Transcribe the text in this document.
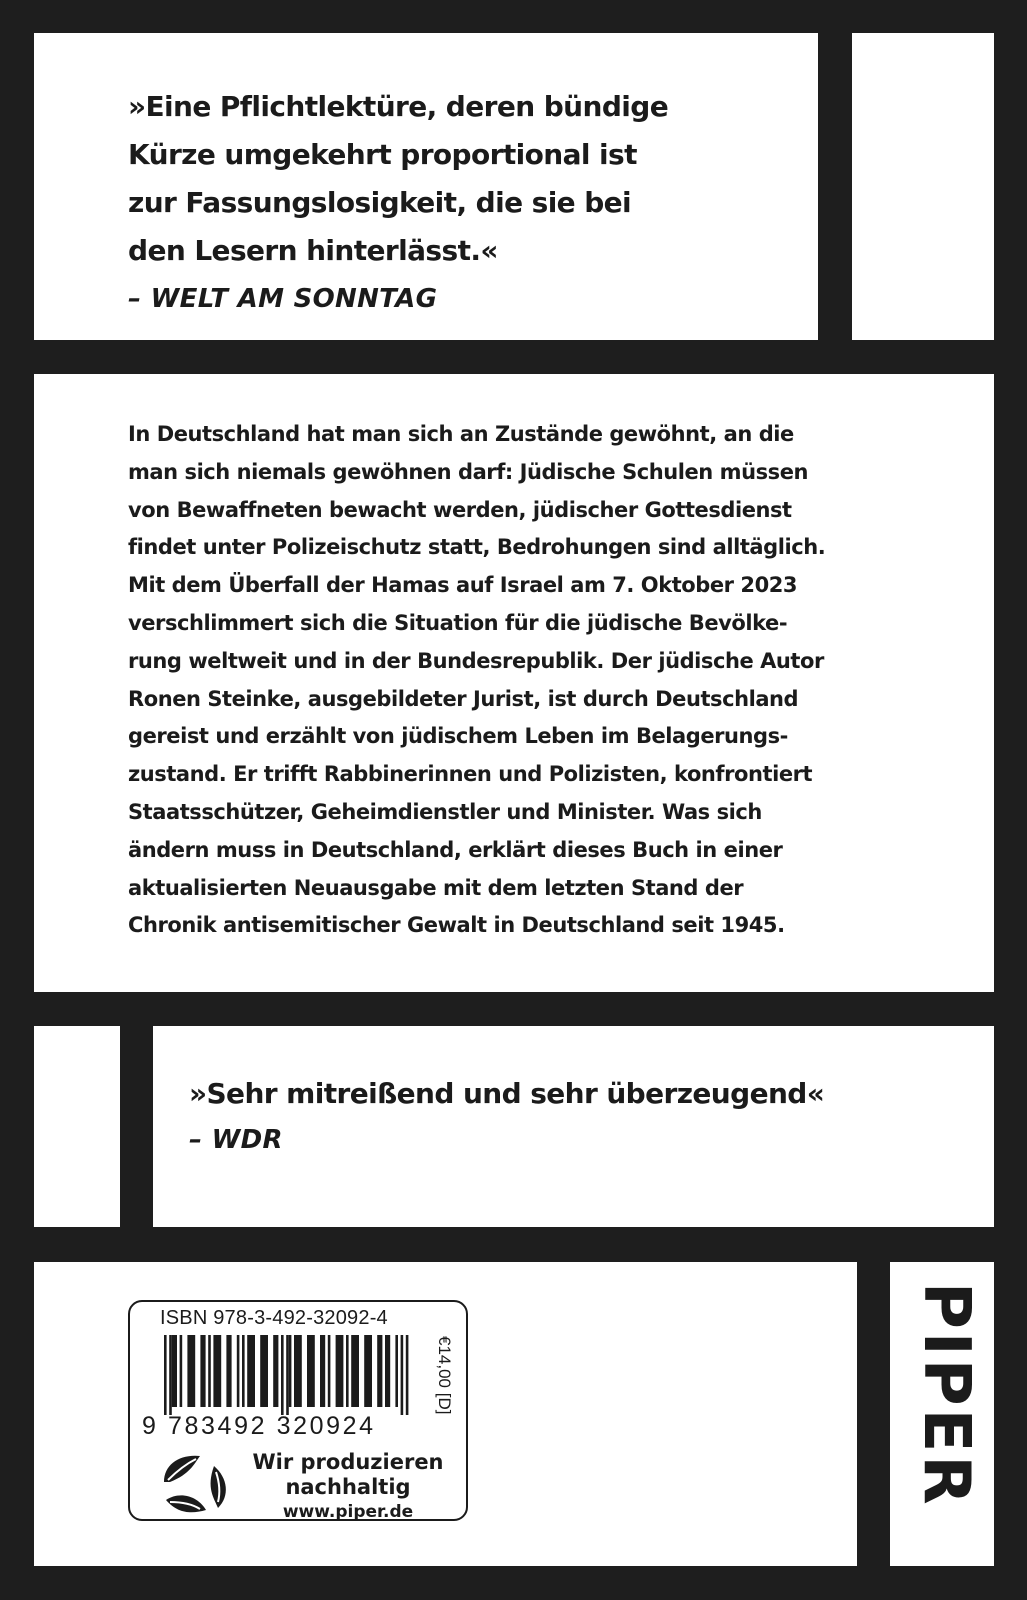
»Eine Pflichtlektüre, deren bündige
Kürze umgekehrt proportional ist
zur Fassungslosigkeit, die sie bei
den Lesern hinterlässt.«
– WELT AM SONNTAG
In Deutschland hat man sich an Zustände gewöhnt, an die
man sich niemals gewöhnen darf: Jüdische Schulen müssen
von Bewaffneten bewacht werden, jüdischer Gottesdienst
findet unter Polizeischutz statt, Bedrohungen sind alltäglich.
Mit dem Überfall der Hamas auf Israel am 7. Oktober 2023
verschlimmert sich die Situation für die jüdische Bevölke-
rung weltweit und in der Bundesrepublik. Der jüdische Autor
Ronen Steinke, ausgebildeter Jurist, ist durch Deutschland
gereist und erzählt von jüdischem Leben im Belagerungs-
zustand. Er trifft Rabbinerinnen und Polizisten, konfrontiert
Staatsschützer, Geheimdienstler und Minister. Was sich
ändern muss in Deutschland, erklärt dieses Buch in einer
aktualisierten Neuausgabe mit dem letzten Stand der
Chronik antisemitischer Gewalt in Deutschland seit 1945.
»Sehr mitreißend und sehr überzeugend«
– WDR
ISBN 978-3-492-32092-4
9 783492 320924
€14,00 [D]
Wir produzieren
nachhaltig
www.piper.de
PIPER
